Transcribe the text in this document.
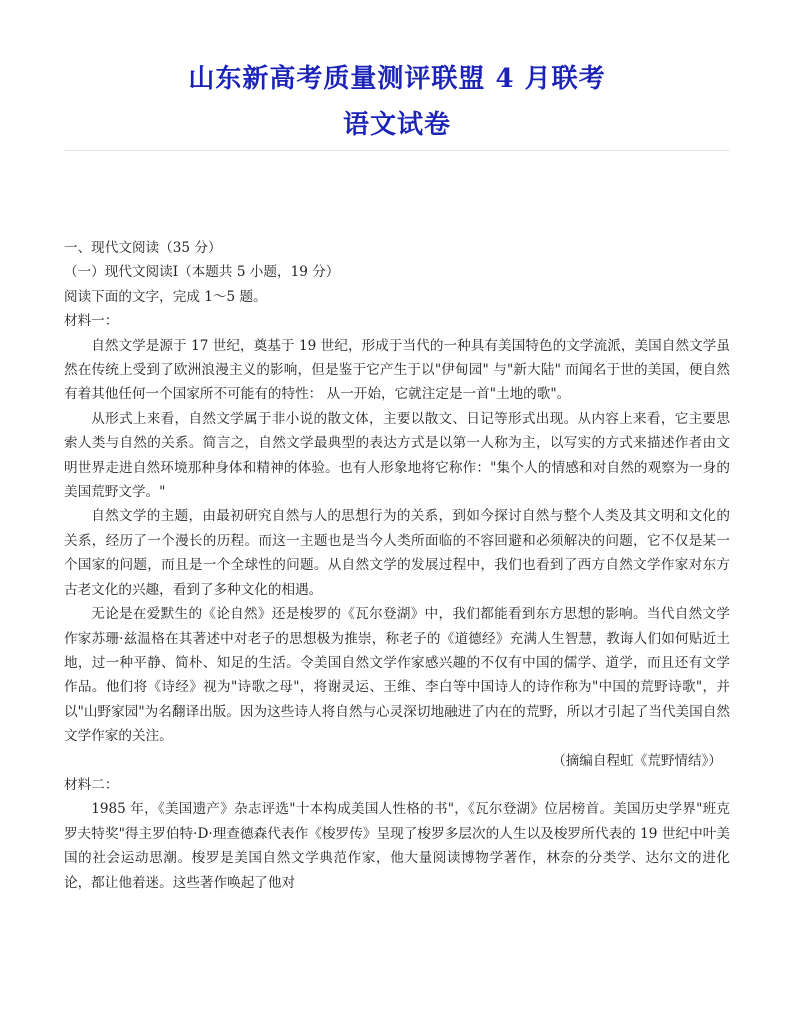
山东新高考质量测评联盟 4 月联考
语文试卷

一、现代文阅读（35 分）

（一）现代文阅读Ⅰ（本题共 5 小题，19 分）

阅读下面的文字，完成 1～5 题。

材料一：

自然文学是源于 17 世纪，奠基于 19 世纪，形成于当代的一种具有美国特色的文学流派，美国自然文学虽然在传统上受到了欧洲浪漫主义的影响，但是鉴于它产生于以"伊甸园" 与"新大陆" 而闻名于世的美国，便自然有着其他任何一个国家所不可能有的特性： 从一开始，它就注定是一首"土地的歌"。

从形式上来看，自然文学属于非小说的散文体，主要以散文、日记等形式出现。从内容上来看，它主要思索人类与自然的关系。简言之，自然文学最典型的表达方式是以第一人称为主，以写实的方式来描述作者由文明世界走进自然环境那种身体和精神的体验。也有人形象地将它称作："集个人的情感和对自然的观察为一身的美国荒野文学。"

自然文学的主题，由最初研究自然与人的思想行为的关系，到如今探讨自然与整个人类及其文明和文化的关系，经历了一个漫长的历程。而这一主题也是当今人类所面临的不容回避和必须解决的问题，它不仅是某一个国家的问题，而且是一个全球性的问题。从自然文学的发展过程中，我们也看到了西方自然文学作家对东方古老文化的兴趣，看到了多种文化的相遇。

无论是在爱默生的《论自然》还是梭罗的《瓦尔登湖》中，我们都能看到东方思想的影响。当代自然文学作家苏珊·兹温格在其著述中对老子的思想极为推崇，称老子的《道德经》充满人生智慧，教诲人们如何贴近土地，过一种平静、简朴、知足的生活。令美国自然文学作家感兴趣的不仅有中国的儒学、道学，而且还有文学作品。他们将《诗经》视为"诗歌之母"，将谢灵运、王维、李白等中国诗人的诗作称为"中国的荒野诗歌"，并以"山野家园"为名翻译出版。因为这些诗人将自然与心灵深切地融进了内在的荒野，所以才引起了当代美国自然文学作家的关注。

（摘编自程虹《荒野情结》）

材料二：

1985 年，《美国遗产》杂志评选"十本构成美国人性格的书"，《瓦尔登湖》位居榜首。美国历史学界"班克罗夫特奖"得主罗伯特·D·理查德森代表作《梭罗传》呈现了梭罗多层次的人生以及梭罗所代表的 19 世纪中叶美国的社会运动思潮。梭罗是美国自然文学典范作家，他大量阅读博物学著作，林奈的分类学、达尔文的进化论，都让他着迷。这些著作唤起了他对
